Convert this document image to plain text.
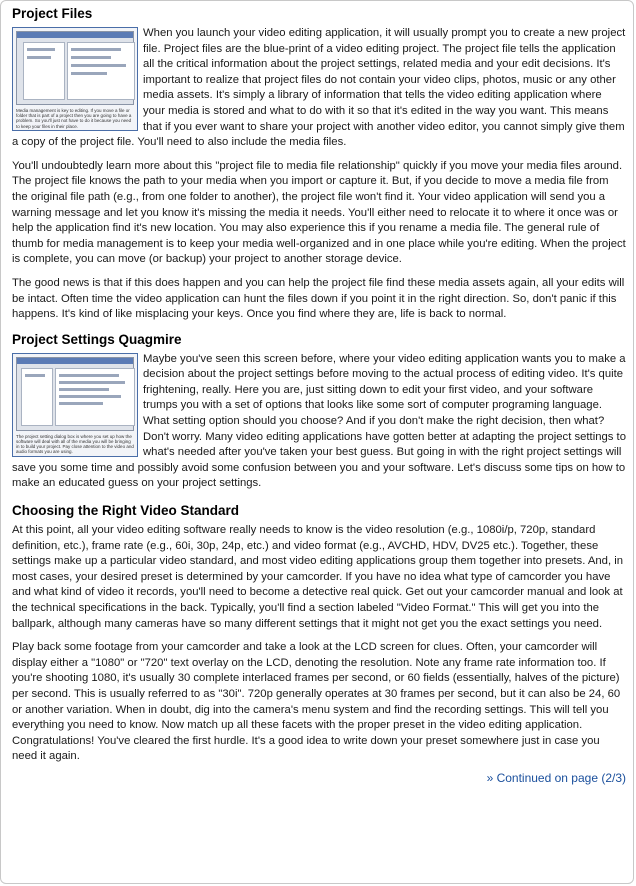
Project Files
Media management is key to editing. If you move a file or folder that is part of a project then you are going to have a problem. So you'll just not have to do it because you need to keep your files in their place.

When you launch your video editing application, it will usually prompt you to create a new project file. Project files are the blue-print of a video editing project. The project file tells the application all the critical information about the project settings, related media and your edit decisions. It's important to realize that project files do not contain your video clips, photos, music or any other media assets. It's simply a library of information that tells the video editing application where your media is stored and what to do with it so that it's edited in the way you want. This means that if you ever want to share your project with another video editor, you cannot simply give them a copy of the project file. You'll need to also include the media files.

You'll undoubtedly learn more about this "project file to media file relationship" quickly if you move your media files around. The project file knows the path to your media when you import or capture it. But, if you decide to move a media file from the original file path (e.g., from one folder to another), the project file won't find it. Your video application will send you a warning message and let you know it's missing the media it needs. You'll either need to relocate it to where it once was or help the application find it's new location. You may also experience this if you rename a media file. The general rule of thumb for media management is to keep your media well-organized and in one place while you're editing. When the project is complete, you can move (or backup) your project to another storage device.

The good news is that if this does happen and you can help the project file find these media assets again, all your edits will be intact. Often time the video application can hunt the files down if you point it in the right direction. So, don't panic if this happens. It's kind of like misplacing your keys. Once you find where they are, life is back to normal.

Project Settings Quagmire
The project setting dialog box is where you set up how the software will deal with all of the media you will be bringing in to build your project. Pay close attention to the video and audio formats you are using.

Maybe you've seen this screen before, where your video editing application wants you to make a decision about the project settings before moving to the actual process of editing video. It's quite frightening, really. Here you are, just sitting down to edit your first video, and your software trumps you with a set of options that looks like some sort of computer programing language. What setting option should you choose? And if you don't make the right decision, then what? Don't worry. Many video editing applications have gotten better at adapting the project settings to what's needed after you've taken your best guess. But going in with the right project settings will save you some time and possibly avoid some confusion between you and your software. Let's discuss some tips on how to make an educated guess on your project settings.

Choosing the Right Video Standard

At this point, all your video editing software really needs to know is the video resolution (e.g., 1080i/p, 720p, standard definition, etc.), frame rate (e.g., 60i, 30p, 24p, etc.) and video format (e.g., AVCHD, HDV, DV25 etc.). Together, these settings make up a particular video standard, and most video editing applications group them together into presets. And, in most cases, your desired preset is determined by your camcorder. If you have no idea what type of camcorder you have and what kind of video it records, you'll need to become a detective real quick. Get out your camcorder manual and look at the technical specifications in the back. Typically, you'll find a section labeled "Video Format." This will get you into the ballpark, although many cameras have so many different settings that it might not get you the exact settings you need.

Play back some footage from your camcorder and take a look at the LCD screen for clues. Often, your camcorder will display either a "1080" or "720" text overlay on the LCD, denoting the resolution. Note any frame rate information too. If you're shooting 1080, it's usually 30 complete interlaced frames per second, or 60 fields (essentially, halves of the picture) per second. This is usually referred to as "30i". 720p generally operates at 30 frames per second, but it can also be 24, 60 or another variation. When in doubt, dig into the camera's menu system and find the recording settings. This will tell you everything you need to know. Now match up all these facets with the proper preset in the video editing application. Congratulations! You've cleared the first hurdle. It's a good idea to write down your preset somewhere just in case you need it again.

» Continued on page (2/3)
